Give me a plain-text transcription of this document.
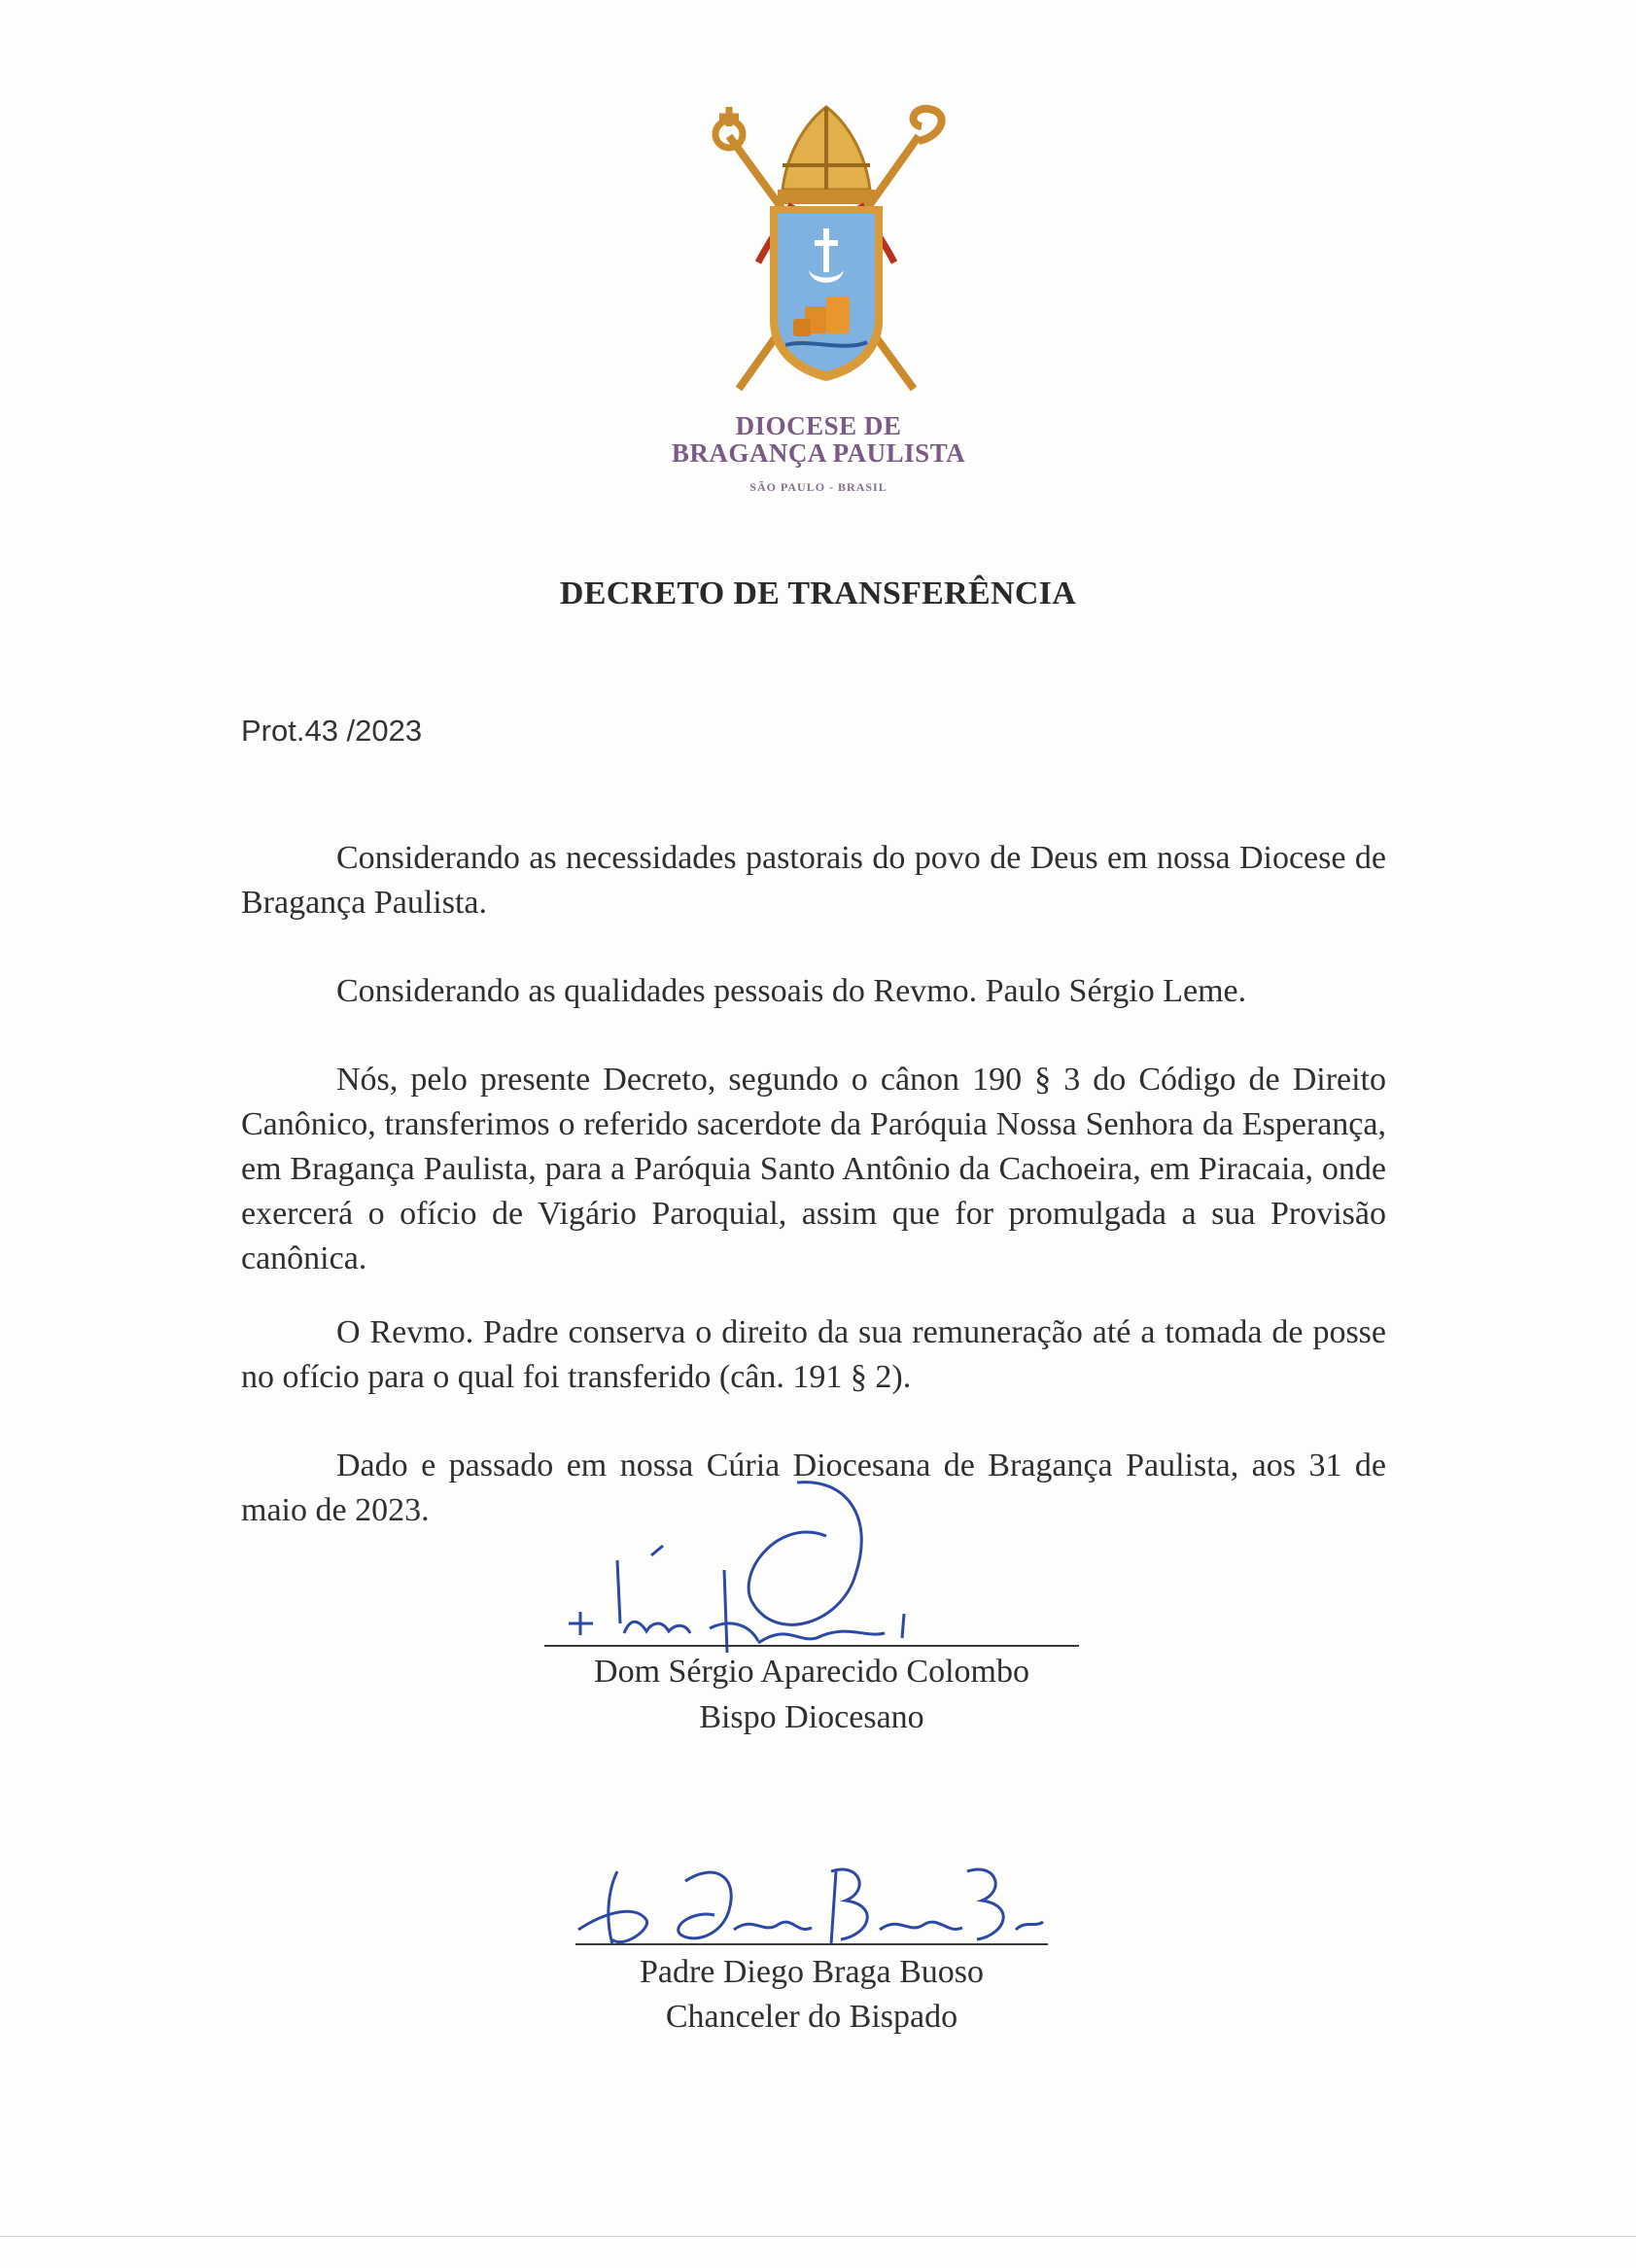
DIOCESE DE
BRAGANÇA PAULISTA
SÃO PAULO - BRASIL
DECRETO DE TRANSFERÊNCIA
Prot.43 /2023
Considerando as necessidades pastorais do povo de Deus em nossa Diocese de Bragança Paulista.
Considerando as qualidades pessoais do Revmo. Paulo Sérgio Leme.
Nós, pelo presente Decreto, segundo o cânon 190 § 3 do Código de Direito Canônico, transferimos o referido sacerdote da Paróquia Nossa Senhora da Esperança, em Bragança Paulista, para a Paróquia Santo Antônio da Cachoeira, em Piracaia, onde exercerá o ofício de Vigário Paroquial, assim que for promulgada a sua Provisão canônica.
O Revmo. Padre conserva o direito da sua remuneração até a tomada de posse no ofício para o qual foi transferido (cân. 191 § 2).
Dado e passado em nossa Cúria Diocesana de Bragança Paulista, aos 31 de maio de 2023.
Dom Sérgio Aparecido Colombo
Bispo Diocesano
Padre Diego Braga Buoso
Chanceler do Bispado
